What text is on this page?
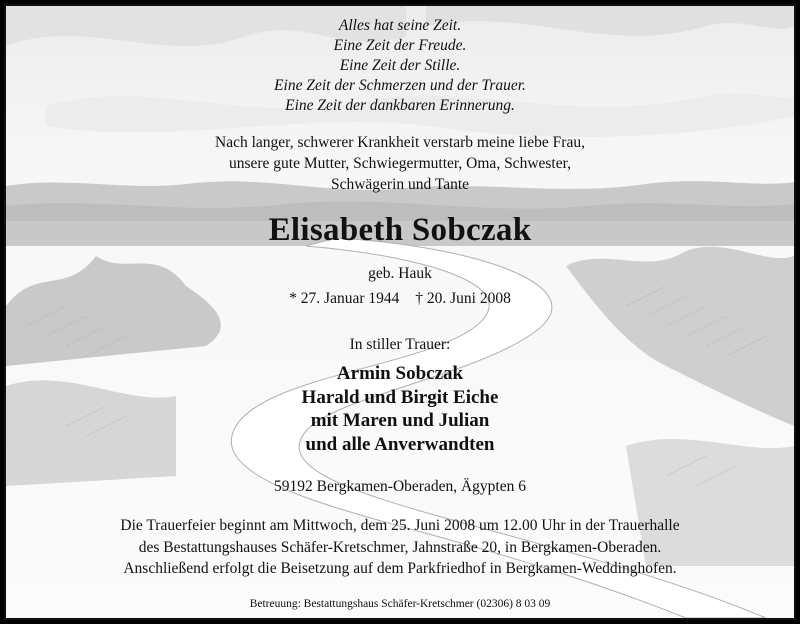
Alles hat seine Zeit.
Eine Zeit der Freude.
Eine Zeit der Stille.
Eine Zeit der Schmerzen und der Trauer.
Eine Zeit der dankbaren Erinnerung.
Nach langer, schwerer Krankheit verstarb meine liebe Frau,
unsere gute Mutter, Schwiegermutter, Oma, Schwester,
Schwägerin und Tante
Elisabeth Sobczak
geb. Hauk
* 27. Januar 1944 † 20. Juni 2008
In stiller Trauer:
Armin Sobczak
Harald und Birgit Eiche
mit Maren und Julian
und alle Anverwandten
59192 Bergkamen-Oberaden, Ägypten 6
Die Trauerfeier beginnt am Mittwoch, dem 25. Juni 2008 um 12.00 Uhr in der Trauerhalle
des Bestattungshauses Schäfer-Kretschmer, Jahnstraße 20, in Bergkamen-Oberaden.
Anschließend erfolgt die Beisetzung auf dem Parkfriedhof in Bergkamen-Weddinghofen.
Betreuung: Bestattungshaus Schäfer-Kretschmer (02306) 8 03 09
